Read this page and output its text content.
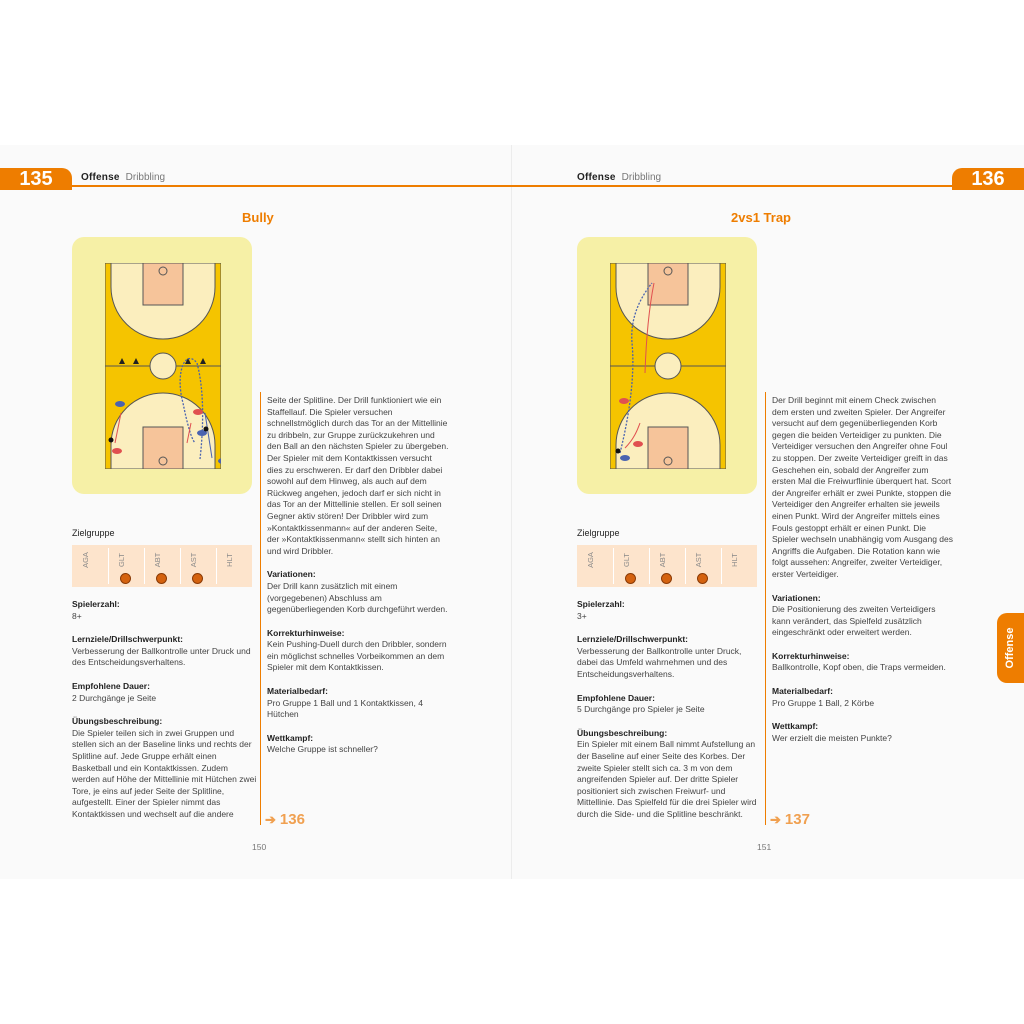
135	Offense Dribbling
Bully
Zielgruppe
AGA	GLT	ABT	AST	HLT
Spielerzahl:
8+
Lernziele/Drillschwerpunkt:
Verbesserung der Ballkontrolle unter Druck und des Entscheidungsverhaltens.
Empfohlene Dauer:
2 Durchgänge je Seite
Übungsbeschreibung:
Die Spieler teilen sich in zwei Gruppen und stellen sich an der Baseline links und rechts der Splitline auf. Jede Gruppe erhält einen Basketball und ein Kontaktkissen. Zudem werden auf Höhe der Mittellinie mit Hütchen zwei Tore, je eins auf jeder Seite der Splitline, aufgestellt. Einer der Spieler nimmt das Kontaktkissen und wechselt auf die andere
Seite der Splitline. Der Drill funktioniert wie ein Staffellauf. Die Spieler versuchen schnellstmöglich durch das Tor an der Mittellinie zu dribbeln, zur Gruppe zurückzukehren und den Ball an den nächsten Spieler zu übergeben. Der Spieler mit dem Kontaktkissen versucht dies zu erschweren. Er darf den Dribbler dabei sowohl auf dem Hinweg, als auch auf dem Rückweg angehen, jedoch darf er sich nicht in das Tor an der Mittellinie stellen. Er soll seinen Gegner aktiv stören! Der Dribbler wird zum »Kontaktkissenmann« auf der anderen Seite, der »Kontaktkissenmann« stellt sich hinten an und wird Dribbler.
Variationen:
Der Drill kann zusätzlich mit einem (vorgegebenen) Abschluss am gegenüberliegenden Korb durchgeführt werden.
Korrekturhinweise:
Kein Pushing-Duell durch den Dribbler, sondern ein möglichst schnelles Vorbeikommen an dem Spieler mit dem Kontaktkissen.
Materialbedarf:
Pro Gruppe 1 Ball und 1 Kontaktkissen, 4 Hütchen
Wettkampf:
Welche Gruppe ist schneller?
➔ 136
150
136
Offense Dribbling
2vs1 Trap
Zielgruppe
AGA	GLT	ABT	AST	HLT
Spielerzahl:
3+
Lernziele/Drillschwerpunkt:
Verbesserung der Ballkontrolle unter Druck, dabei das Umfeld wahrnehmen und des Entscheidungsverhaltens.
Empfohlene Dauer:
5 Durchgänge pro Spieler je Seite
Übungsbeschreibung:
Ein Spieler mit einem Ball nimmt Aufstellung an der Baseline auf einer Seite des Korbes. Der zweite Spieler stellt sich ca. 3 m von dem angreifenden Spieler auf. Der dritte Spieler positioniert sich zwischen Freiwurf- und Mittellinie. Das Spielfeld für die drei Spieler wird durch die Side- und die Splitline beschränkt.
Der Drill beginnt mit einem Check zwischen dem ersten und zweiten Spieler. Der Angreifer versucht auf dem gegenüberliegenden Korb gegen die beiden Verteidiger zu punkten. Die Verteidiger versuchen den Angreifer ohne Foul zu stoppen. Der zweite Verteidiger greift in das Geschehen ein, sobald der Angreifer zum ersten Mal die Freiwurflinie überquert hat. Scort der Angreifer erhält er zwei Punkte, stoppen die Verteidiger den Angreifer erhalten sie jeweils einen Punkt. Wird der Angreifer mittels eines Fouls gestoppt erhält er einen Punkt. Die Spieler wechseln unabhängig vom Ausgang des Angriffs die Aufgaben. Die Rotation kann wie folgt aussehen: Angreifer, zweiter Verteidiger, erster Verteidiger.
Variationen:
Die Positionierung des zweiten Verteidigers kann verändert, das Spielfeld zusätzlich eingeschränkt oder erweitert werden.
Korrekturhinweise:
Ballkontrolle, Kopf oben, die Traps vermeiden.
Materialbedarf:
Pro Gruppe 1 Ball, 2 Körbe
Wettkampf:
Wer erzielt die meisten Punkte?
➔ 137
151
Offense
